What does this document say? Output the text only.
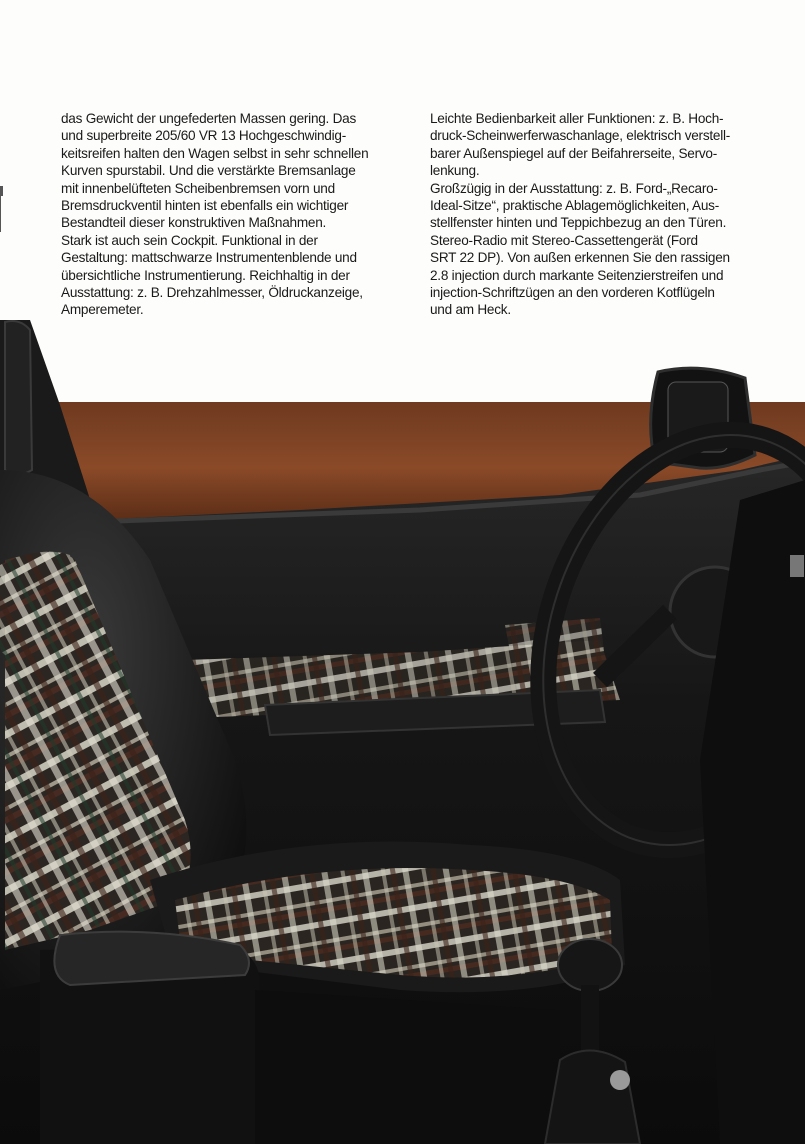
das Gewicht der ungefederten Massen gering. Das
und superbreite 205/60 VR 13 Hochgeschwindig-
keitsreifen halten den Wagen selbst in sehr schnellen
Kurven spurstabil. Und die verstärkte Bremsanlage
mit innenbelüfteten Scheibenbremsen vorn und
Bremsdruckventil hinten ist ebenfalls ein wichtiger
Bestandteil dieser konstruktiven Maßnahmen.
Stark ist auch sein Cockpit. Funktional in der
Gestaltung: mattschwarze Instrumentenblende und
übersichtliche Instrumentierung. Reichhaltig in der
Ausstattung: z. B. Drehzahlmesser, Öldruckanzeige,
Amperemeter.
Leichte Bedienbarkeit aller Funktionen: z. B. Hoch-
druck-Scheinwerferwaschanlage, elektrisch verstell-
barer Außenspiegel auf der Beifahrerseite, Servo-
lenkung.
Großzügig in der Ausstattung: z. B. Ford-„Recaro-
Ideal-Sitze“, praktische Ablagemöglichkeiten, Aus-
stellfenster hinten und Teppichbezug an den Türen.
Stereo-Radio mit Stereo-Cassettengerät (Ford
SRT 22 DP). Von außen erkennen Sie den rassigen
2.8 injection durch markante Seitenzierstreifen und
injection-Schriftzügen an den vorderen Kotflügeln
und am Heck.
